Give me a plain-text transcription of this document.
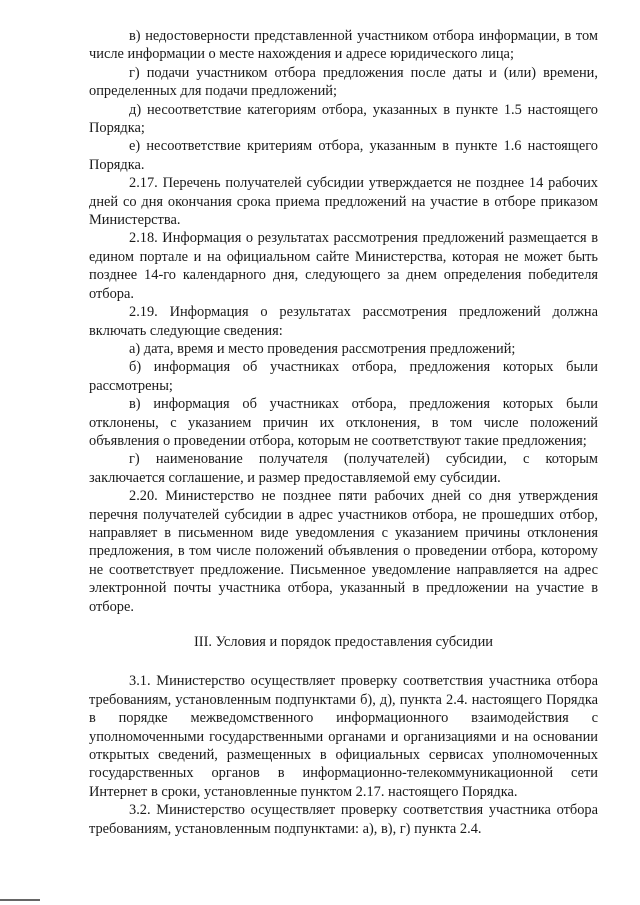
в) недостоверности представленной участником отбора информации, в том числе информации о месте нахождения и адресе юридического лица;

г) подачи участником отбора предложения после даты и (или) времени, определенных для подачи предложений;

д) несоответствие категориям отбора, указанных в пункте 1.5 настоящего Порядка;

е) несоответствие критериям отбора, указанным в пункте 1.6 настоящего Порядка.

2.17. Перечень получателей субсидии утверждается не позднее 14 рабочих дней со дня окончания срока приема предложений на участие в отборе приказом Министерства.

2.18. Информация о результатах рассмотрения предложений размещается в едином портале и на официальном сайте Министерства, которая не может быть позднее 14-го календарного дня, следующего за днем определения победителя отбора.

2.19. Информация о результатах рассмотрения предложений должна включать следующие сведения:

а) дата, время и место проведения рассмотрения предложений;

б) информация об участниках отбора, предложения которых были рассмотрены;

в) информация об участниках отбора, предложения которых были отклонены, с указанием причин их отклонения, в том числе положений объявления о проведении отбора, которым не соответствуют такие предложения;

г) наименование получателя (получателей) субсидии, с которым заключается соглашение, и размер предоставляемой ему субсидии.

2.20. Министерство не позднее пяти рабочих дней со дня утверждения перечня получателей субсидии в адрес участников отбора, не прошедших отбор, направляет в письменном виде уведомления с указанием причины отклонения предложения, в том числе положений объявления о проведении отбора, которому не соответствует предложение. Письменное уведомление направляется на адрес электронной почты участника отбора, указанный в предложении на участие в отборе.

III. Условия и порядок предоставления субсидии

3.1. Министерство осуществляет проверку соответствия участника отбора требованиям, установленным подпунктами б), д), пункта 2.4. настоящего Порядка в порядке межведомственного информационного взаимодействия с уполномоченными государственными органами и организациями и на основании открытых сведений, размещенных в официальных сервисах уполномоченных государственных органов в информационно-телекоммуникационной сети Интернет в сроки, установленные пунктом 2.17. настоящего Порядка.

3.2. Министерство осуществляет проверку соответствия участника отбора требованиям, установленным подпунктами: а), в), г) пункта 2.4.
